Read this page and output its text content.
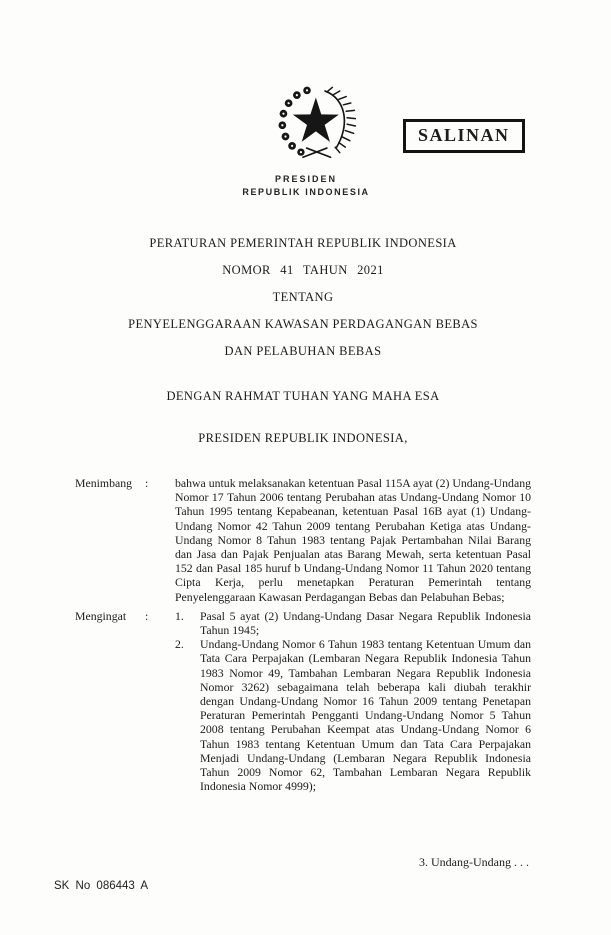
SALINAN
PRESIDEN
REPUBLIK INDONESIA
PERATURAN PEMERINTAH REPUBLIK INDONESIA
NOMOR 41 TAHUN 2021
TENTANG
PENYELENGGARAAN KAWASAN PERDAGANGAN BEBAS
DAN PELABUHAN BEBAS
DENGAN RAHMAT TUHAN YANG MAHA ESA
PRESIDEN REPUBLIK INDONESIA,
Menimbang	:	bahwa untuk melaksanakan ketentuan Pasal 115A ayat (2) Undang-Undang Nomor 17 Tahun 2006 tentang Perubahan atas Undang-Undang Nomor 10 Tahun 1995 tentang Kepabeanan, ketentuan Pasal 16B ayat (1) Undang-Undang Nomor 42 Tahun 2009 tentang Perubahan Ketiga atas Undang-Undang Nomor 8 Tahun 1983 tentang Pajak Pertambahan Nilai Barang dan Jasa dan Pajak Penjualan atas Barang Mewah, serta ketentuan Pasal 152 dan Pasal 185 huruf b Undang-Undang Nomor 11 Tahun 2020 tentang Cipta Kerja, perlu menetapkan Peraturan Pemerintah tentang Penyelenggaraan Kawasan Perdagangan Bebas dan Pelabuhan Bebas;
Mengingat	:	1.	Pasal 5 ayat (2) Undang-Undang Dasar Negara Republik Indonesia Tahun 1945;
2.	Undang-Undang Nomor 6 Tahun 1983 tentang Ketentuan Umum dan Tata Cara Perpajakan (Lembaran Negara Republik Indonesia Tahun 1983 Nomor 49, Tambahan Lembaran Negara Republik Indonesia Nomor 3262) sebagaimana telah beberapa kali diubah terakhir dengan Undang-Undang Nomor 16 Tahun 2009 tentang Penetapan Peraturan Pemerintah Pengganti Undang-Undang Nomor 5 Tahun 2008 tentang Perubahan Keempat atas Undang-Undang Nomor 6 Tahun 1983 tentang Ketentuan Umum dan Tata Cara Perpajakan Menjadi Undang-Undang (Lembaran Negara Republik Indonesia Tahun 2009 Nomor 62, Tambahan Lembaran Negara Republik Indonesia Nomor 4999);
3. Undang-Undang . . .
SK No 086443 A
